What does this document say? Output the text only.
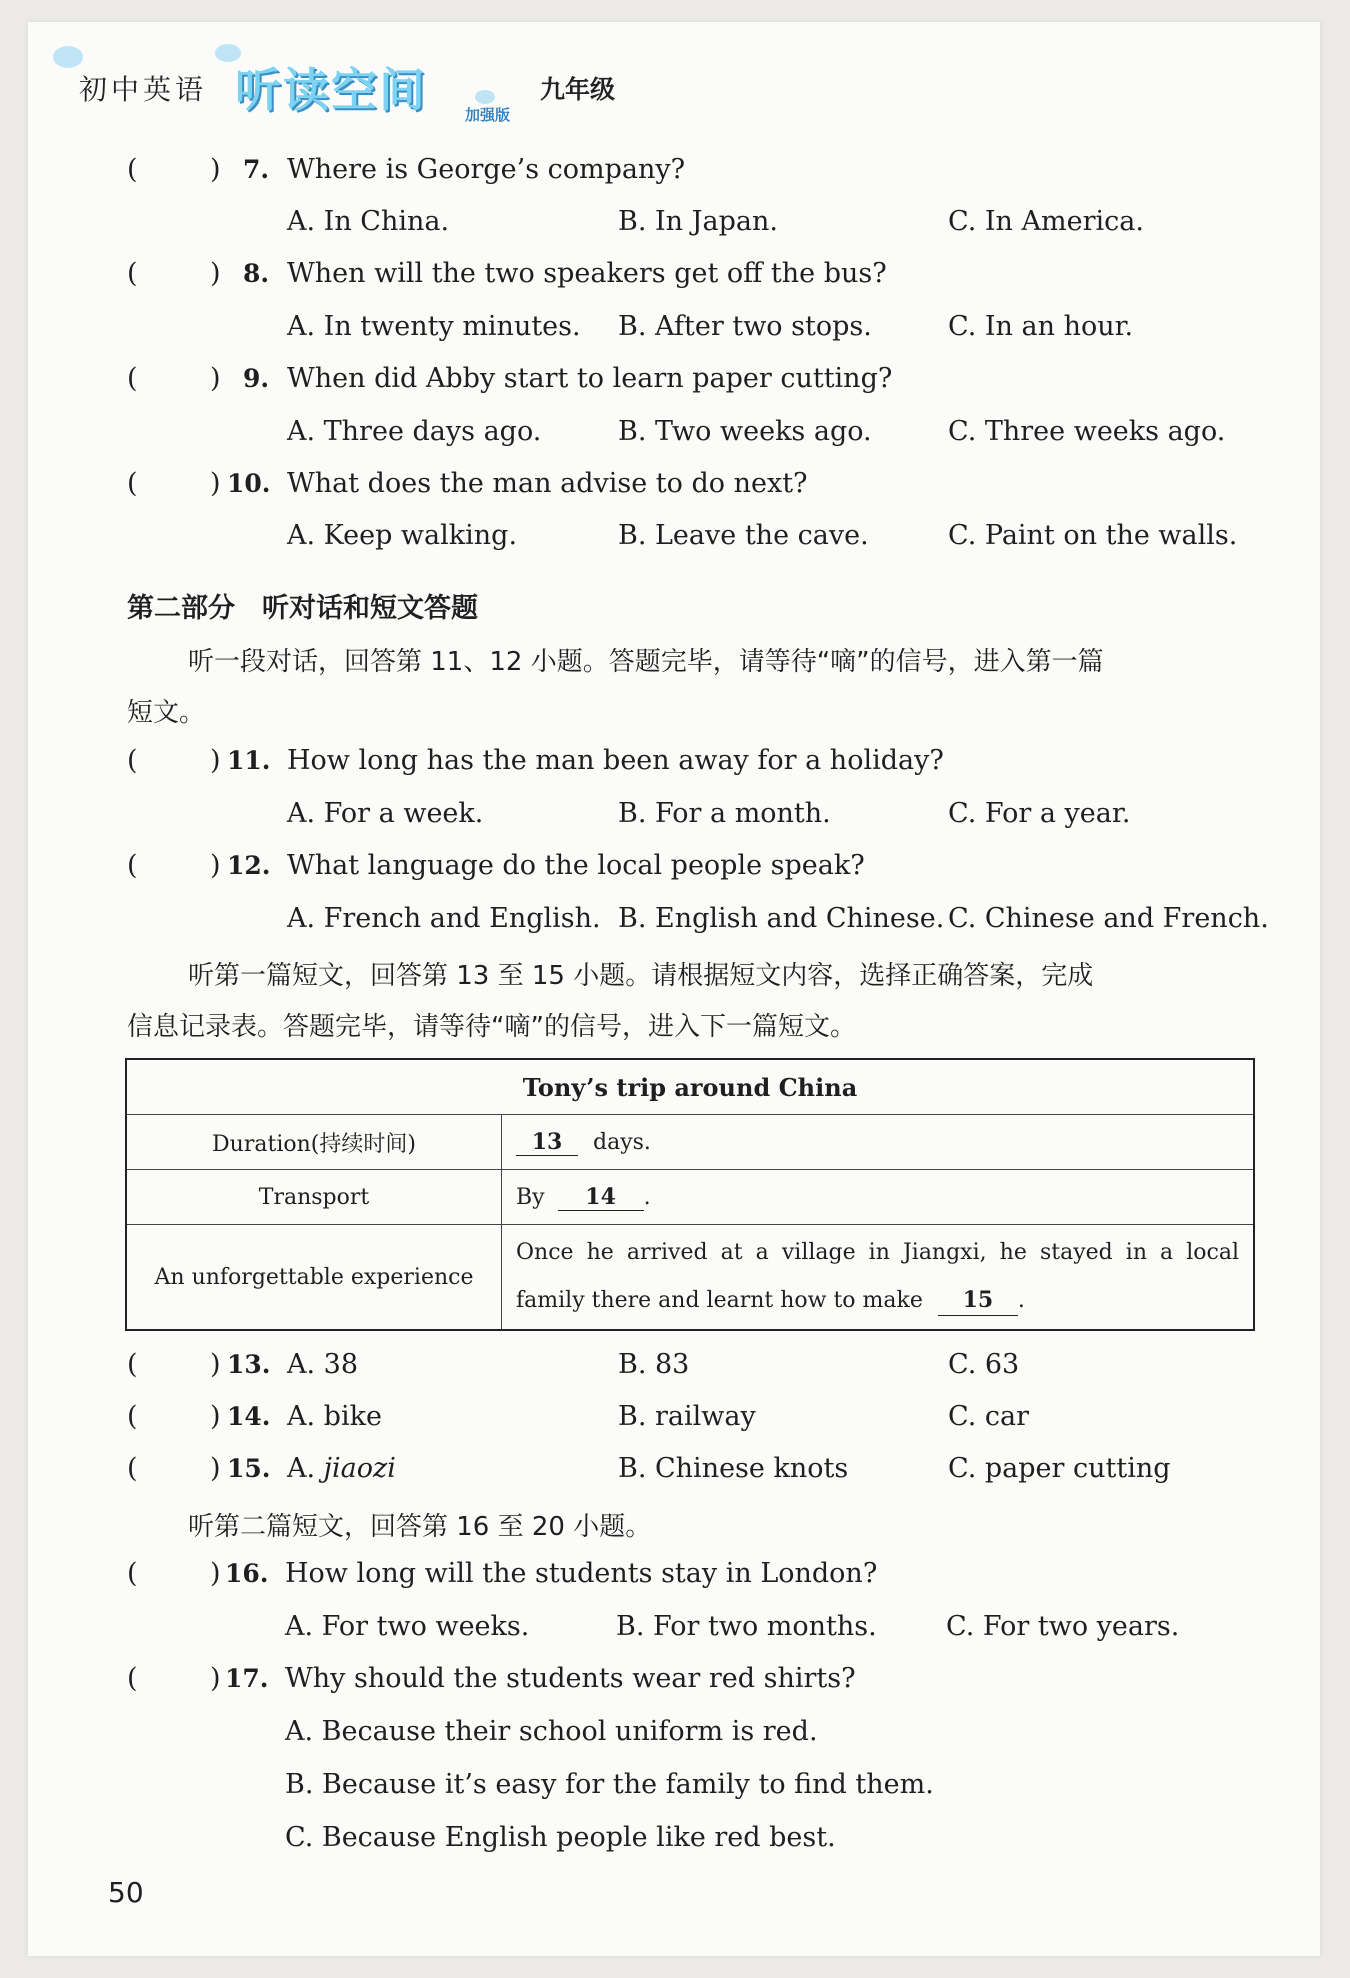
初中英语 听读空间	加强版
九年级
(	) 7. Where is George’s company?
A. In China.	B. In Japan.	C. In America.
(	) 8. When will the two speakers get off the bus?
A. In twenty minutes. B. After two stops.	C. In an hour.
(	) 9. When did Abby start to learn paper cutting?
A. Three days ago.	B. Two weeks ago.	C. Three weeks ago.
(	) 10. What does the man advise to do next?
A. Keep walking.	B. Leave the cave.	C. Paint on the walls.
第二部分　听对话和短文答题
听一段对话，回答第 11、12 小题。答题完毕，请等待“嘀”的信号，进入第一篇
短文。
(	) 11. How long has the man been away for a holiday?
A. For a week.	B. For a month.	C. For a year.
(	) 12. What language do the local people speak?
A. French and English. B. English and Chinese. C. Chinese and French.
听第一篇短文，回答第 13 至 15 小题。请根据短文内容，选择正确答案，完成
信息记录表。答题完毕，请等待“嘀”的信号，进入下一篇短文。
Tony’s trip around China	
Duration(持续时间)	13 days.
Transport	By 14 .
An unforgettable experience	Once he arrived at a village in Jiangxi, he stayed in a local
family there and learnt how to make 15 .
(	) 13. A. 38	B. 83	C. 63
(	) 14. A. bike	B. railway	C. car
(	) 15. A. jiaozi	B. Chinese knots	C. paper cutting
听第二篇短文，回答第 16 至 20 小题。
(	) 16. How long will the students stay in London?
A. For two weeks.	B. For two months.	C. For two years.
(	) 17. Why should the students wear red shirts?
A. Because their school uniform is red.
B. Because it’s easy for the family to find them.
C. Because English people like red best.
50
